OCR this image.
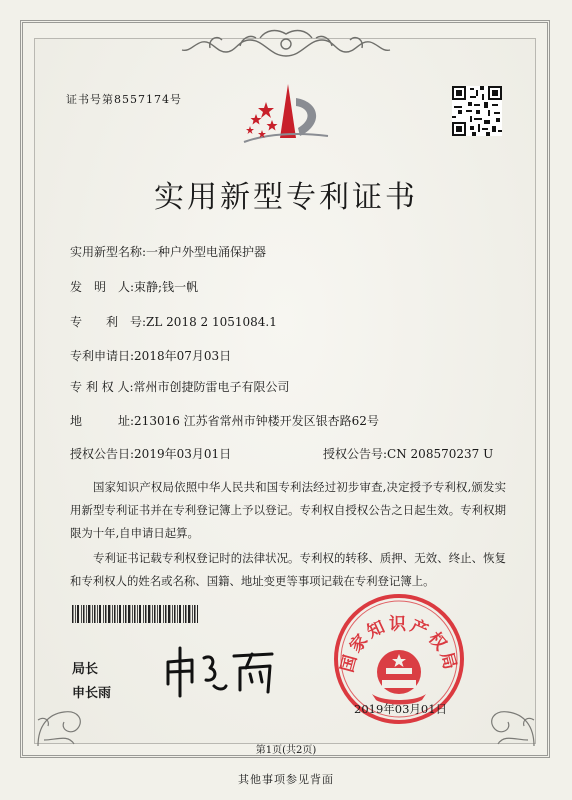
证书号第8557174号
实用新型专利证书
实用新型名称:一种户外型电涌保护器
发　明　人:束静;钱一帆
专　　利　号:ZL 2018 2 1051084.1
专利申请日:2018年07月03日
专 利 权 人:常州市创捷防雷电子有限公司
地　　　址:213016 江苏省常州市钟楼开发区银杏路62号
授权公告日:2019年03月01日	授权公告号:CN 208570237 U
国家知识产权局依照中华人民共和国专利法经过初步审查,决定授予专利权,颁发实用新型专利证书并在专利登记簿上予以登记。专利权自授权公告之日起生效。专利权期限为十年,自申请日起算。
专利证书记载专利权登记时的法律状况。专利权的转移、质押、无效、终止、恢复和专利权人的姓名或名称、国籍、地址变更等事项记载在专利登记簿上。
局长
申长雨
国家知识产权局
2019年03月01日
第1页(共2页)
其他事项参见背面
